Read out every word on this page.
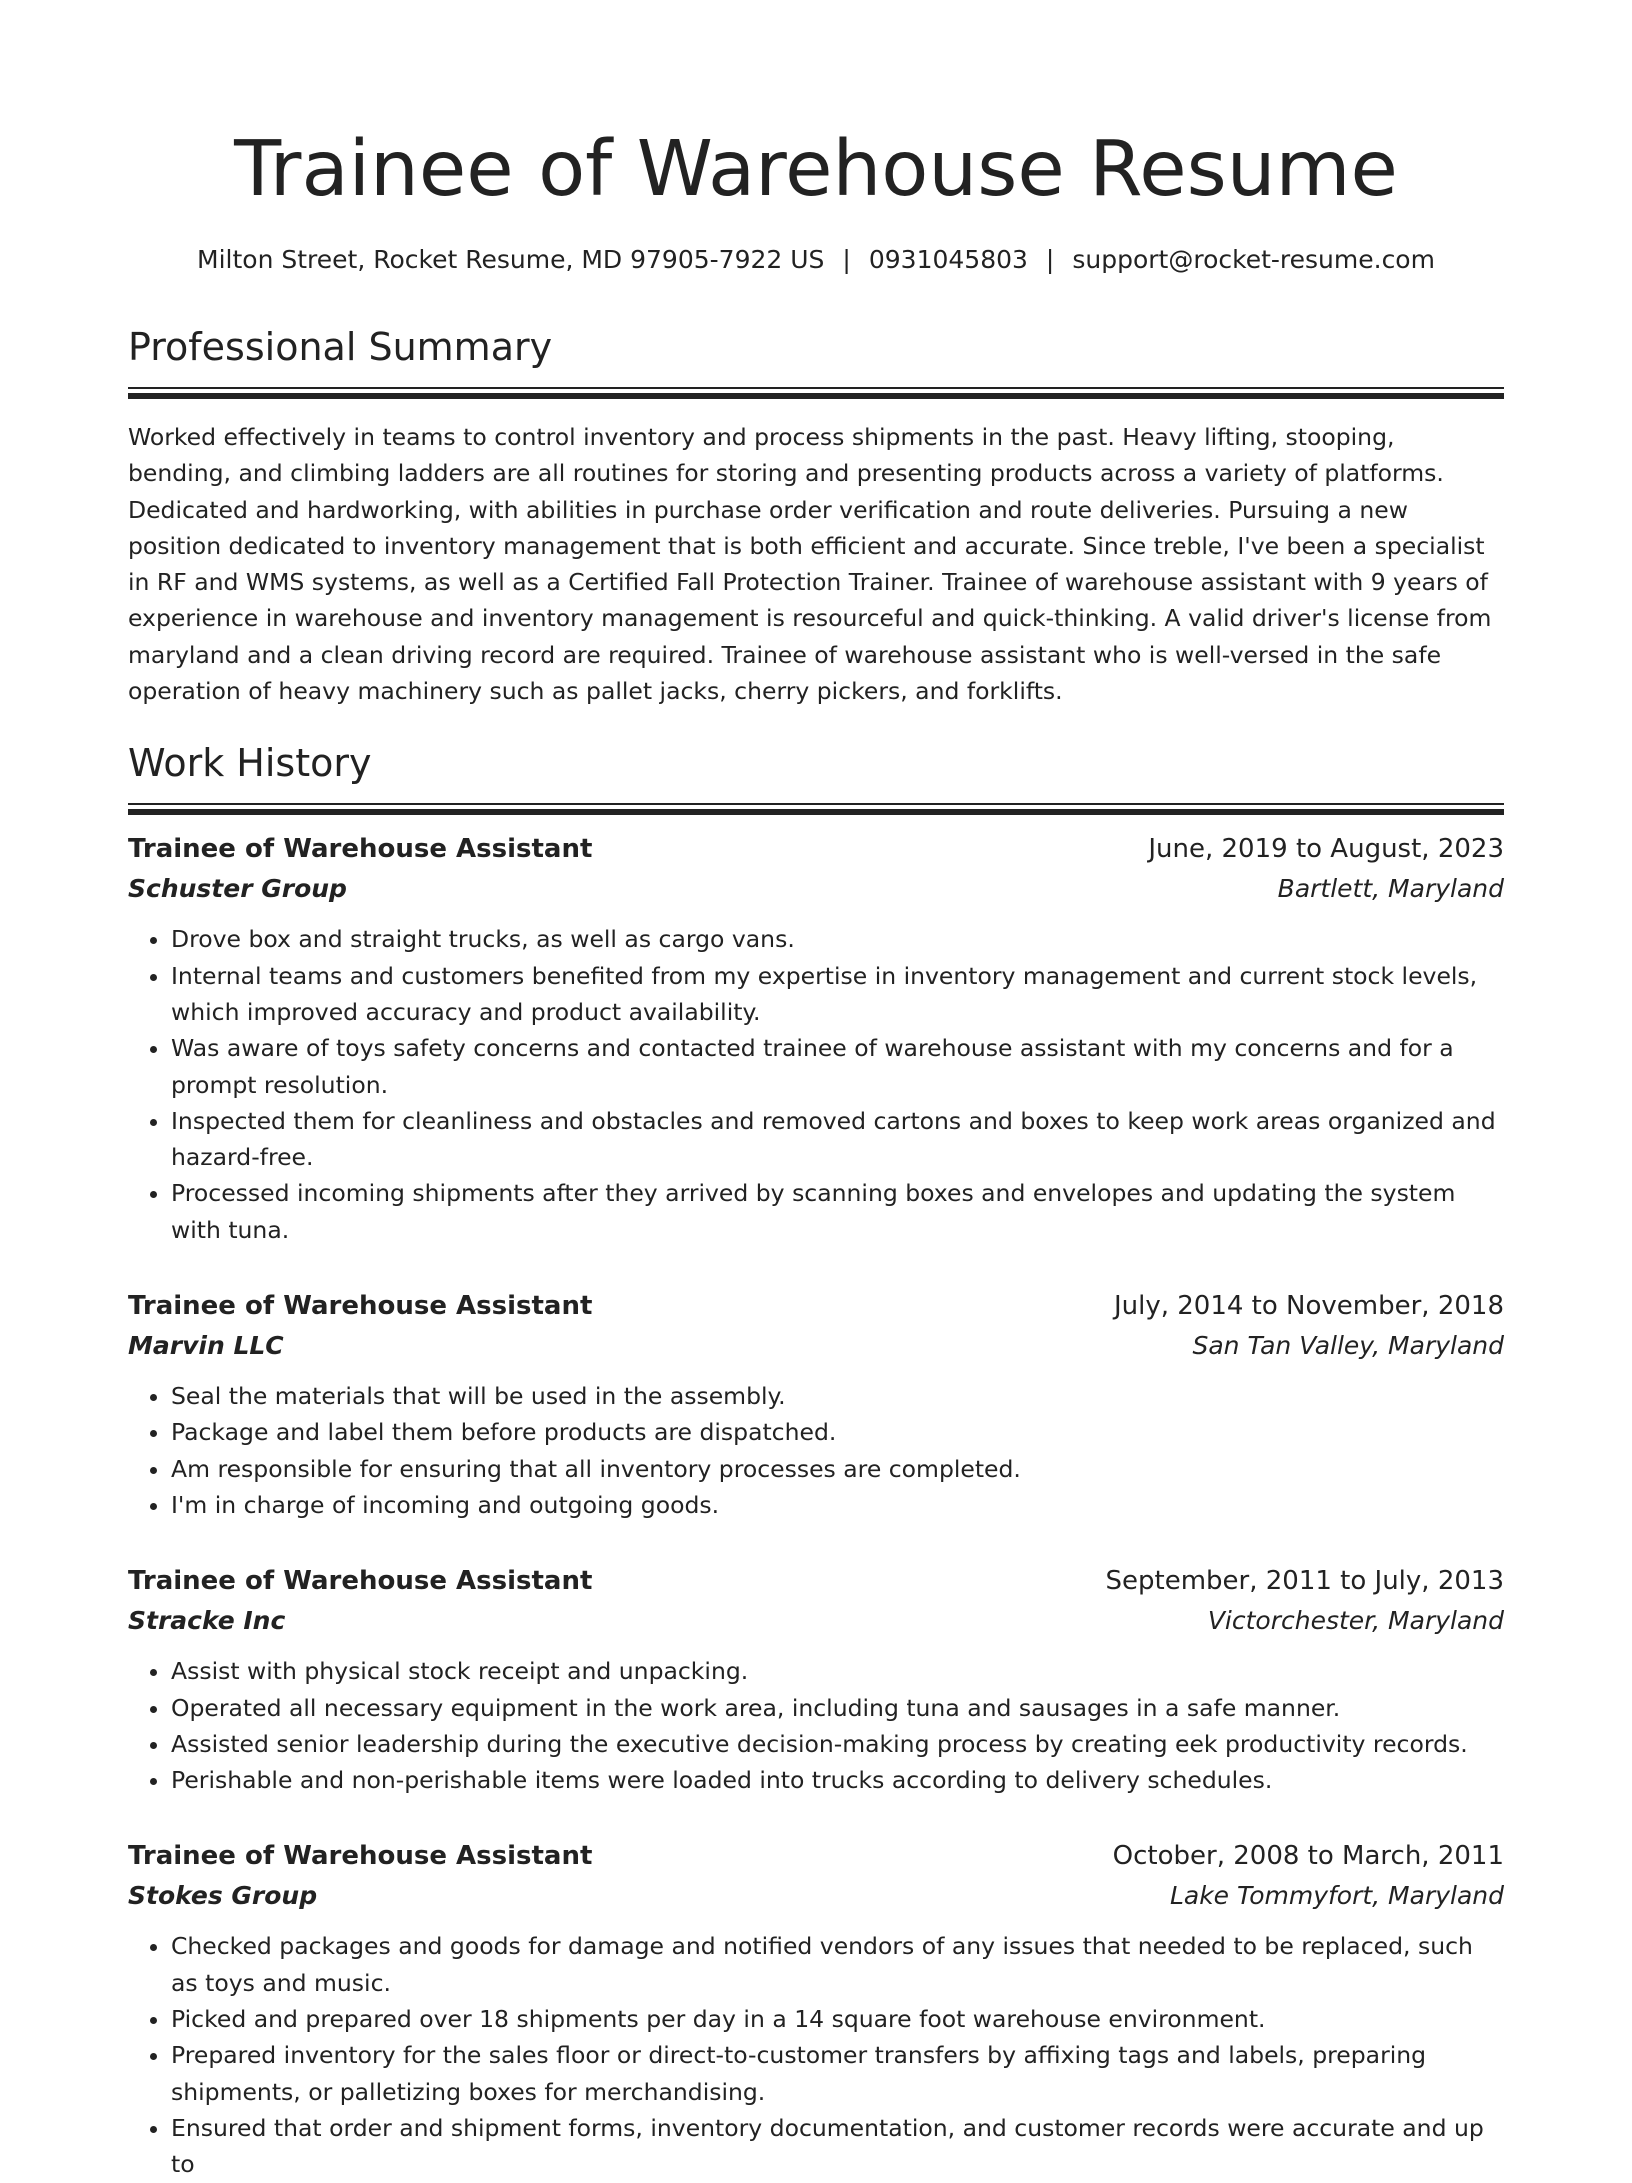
Trainee of Warehouse Resume
Milton Street, Rocket Resume, MD 97905-7922 US | 0931045803 | support@rocket-resume.com
Professional Summary

Worked effectively in teams to control inventory and process shipments in the past. Heavy lifting, stooping, bending, and climbing ladders are all routines for storing and presenting products across a variety of platforms. Dedicated and hardworking, with abilities in purchase order verification and route deliveries. Pursuing a new position dedicated to inventory management that is both efficient and accurate. Since treble, I've been a specialist in RF and WMS systems, as well as a Certified Fall Protection Trainer. Trainee of warehouse assistant with 9 years of experience in warehouse and inventory management is resourceful and quick-thinking. A valid driver's license from maryland and a clean driving record are required. Trainee of warehouse assistant who is well-versed in the safe operation of heavy machinery such as pallet jacks, cherry pickers, and forklifts.

Work History
Trainee of Warehouse Assistant	June, 2019 to August, 2023
Schuster Group	Bartlett, Maryland
• Drove box and straight trucks, as well as cargo vans.
• Internal teams and customers benefited from my expertise in inventory management and current stock levels, which improved accuracy and product availability.
• Was aware of toys safety concerns and contacted trainee of warehouse assistant with my concerns and for a prompt resolution.
• Inspected them for cleanliness and obstacles and removed cartons and boxes to keep work areas organized and hazard-free.
• Processed incoming shipments after they arrived by scanning boxes and envelopes and updating the system with tuna.
Trainee of Warehouse Assistant	July, 2014 to November, 2018
Marvin LLC	San Tan Valley, Maryland
• Seal the materials that will be used in the assembly.
• Package and label them before products are dispatched.
• Am responsible for ensuring that all inventory processes are completed.
• I'm in charge of incoming and outgoing goods.
Trainee of Warehouse Assistant	September, 2011 to July, 2013
Stracke Inc	Victorchester, Maryland
• Assist with physical stock receipt and unpacking.
• Operated all necessary equipment in the work area, including tuna and sausages in a safe manner.
• Assisted senior leadership during the executive decision-making process by creating eek productivity records.
• Perishable and non-perishable items were loaded into trucks according to delivery schedules.
Trainee of Warehouse Assistant	October, 2008 to March, 2011
Stokes Group	Lake Tommyfort, Maryland
• Checked packages and goods for damage and notified vendors of any issues that needed to be replaced, such as toys and music.
• Picked and prepared over 18 shipments per day in a 14 square foot warehouse environment.
• Prepared inventory for the sales floor or direct-to-customer transfers by affixing tags and labels, preparing shipments, or palletizing boxes for merchandising.
• Ensured that order and shipment forms, inventory documentation, and customer records were accurate and up to
